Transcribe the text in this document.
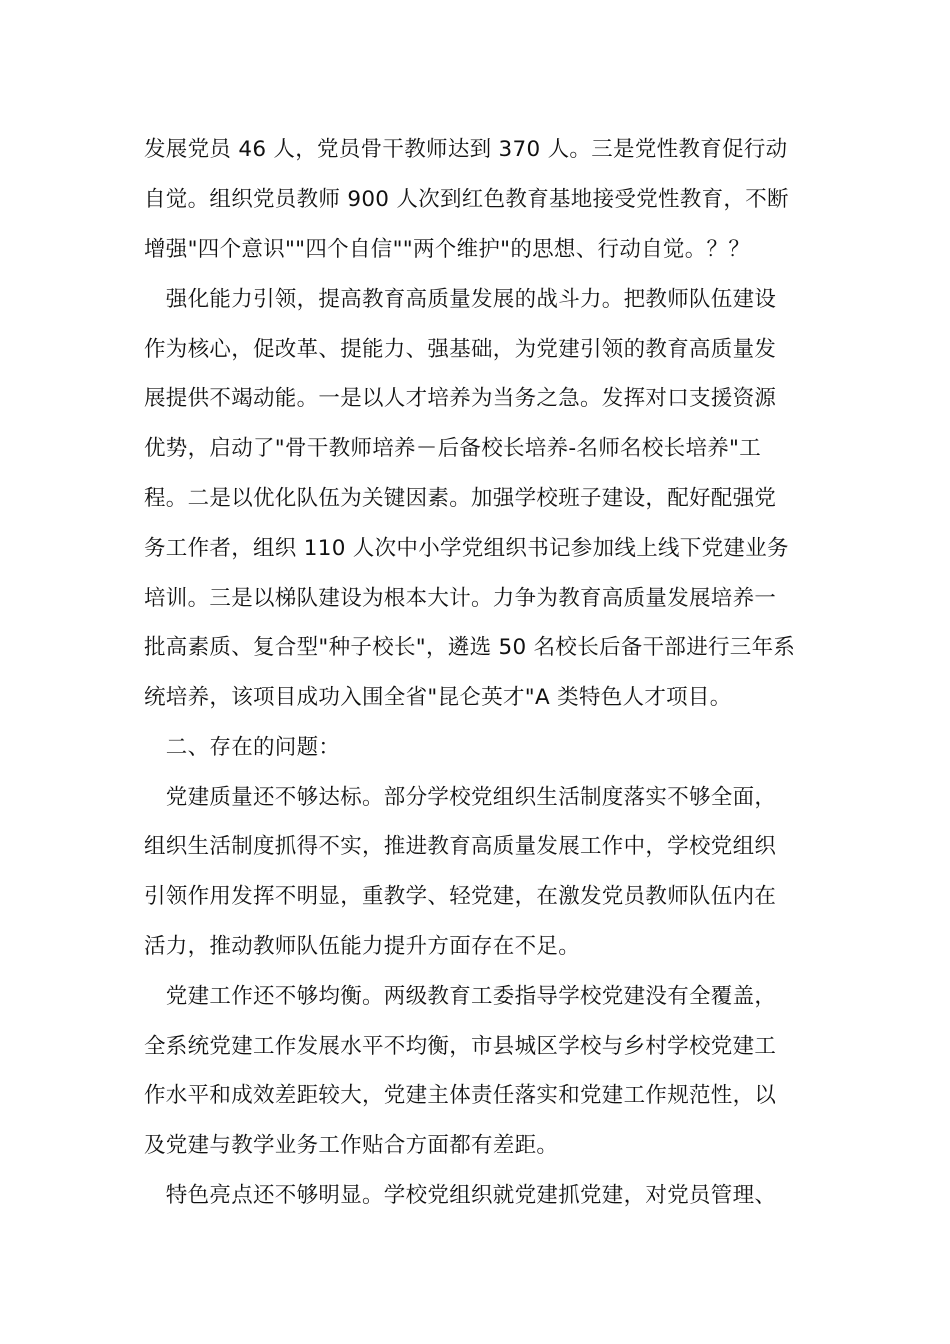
发展党员 46 人，党员骨干教师达到 370 人。三是党性教育促行动
自觉。组织党员教师 900 人次到红色教育基地接受党性教育，不断
增强"四个意识""四个自信""两个维护"的思想、行动自觉。？？
　强化能力引领，提高教育高质量发展的战斗力。把教师队伍建设
作为核心，促改革、提能力、强基础，为党建引领的教育高质量发
展提供不竭动能。一是以人才培养为当务之急。发挥对口支援资源
优势，启动了"骨干教师培养－后备校长培养-名师名校长培养"工
程。二是以优化队伍为关键因素。加强学校班子建设，配好配强党
务工作者，组织 110 人次中小学党组织书记参加线上线下党建业务
培训。三是以梯队建设为根本大计。力争为教育高质量发展培养一
批高素质、复合型"种子校长"，遴选 50 名校长后备干部进行三年系
统培养，该项目成功入围全省"昆仑英才"A 类特色人才项目。
　二、存在的问题：
　党建质量还不够达标。部分学校党组织生活制度落实不够全面，
组织生活制度抓得不实，推进教育高质量发展工作中，学校党组织
引领作用发挥不明显，重教学、轻党建，在激发党员教师队伍内在
活力，推动教师队伍能力提升方面存在不足。
　党建工作还不够均衡。两级教育工委指导学校党建没有全覆盖，
全系统党建工作发展水平不均衡，市县城区学校与乡村学校党建工
作水平和成效差距较大，党建主体责任落实和党建工作规范性，以
及党建与教学业务工作贴合方面都有差距。
　特色亮点还不够明显。学校党组织就党建抓党建，对党员管理、
